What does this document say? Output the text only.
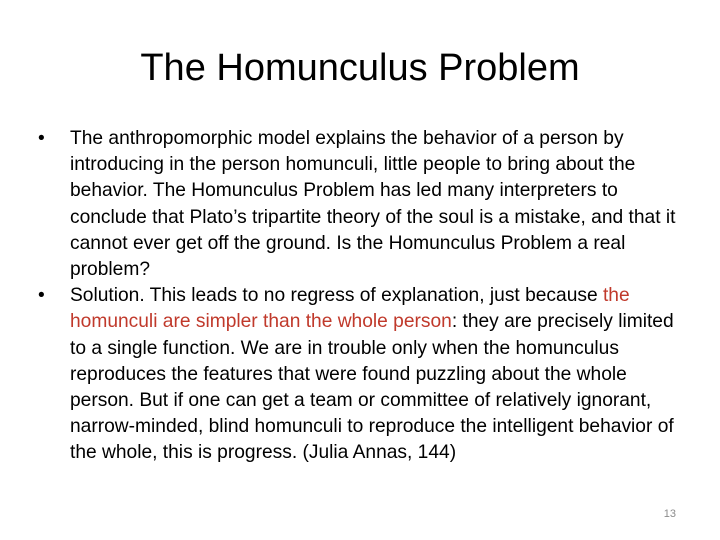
The Homunculus Problem
•	The anthropomorphic model explains the behavior of a person by introducing in the person homunculi, little people to bring about the behavior. The Homunculus Problem has led many interpreters to conclude that Plato’s tripartite theory of the soul is a mistake, and that it cannot ever get off the ground. Is the Homunculus Problem a real problem?
•	Solution. This leads to no regress of explanation, just because the homunculi are simpler than the whole person: they are precisely limited to a single function. We are in trouble only when the homunculus reproduces the features that were found puzzling about the whole person. But if one can get a team or committee of relatively ignorant, narrow-minded, blind homunculi to reproduce the intelligent behavior of the whole, this is progress. (Julia Annas, 144)
13
